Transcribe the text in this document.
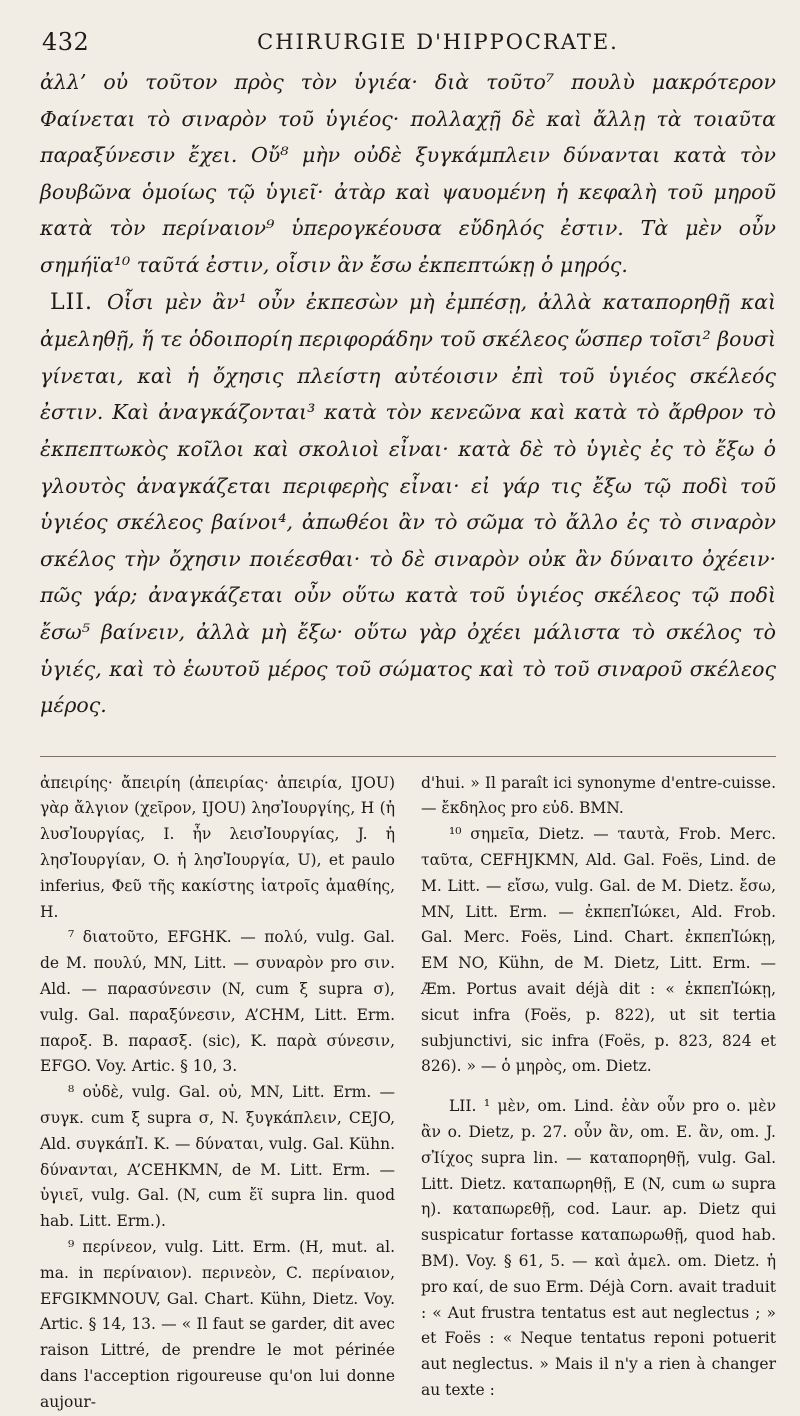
432	CHIRURGIE D'HIPPOCRATE.

ἀλλ’ οὐ τοῦτον πρὸς τὸν ὑγιέα· διὰ τοῦτο⁷ πουλὺ μακρότερον Φαίνεται τὸ σιναρὸν τοῦ ὑγιέος· πολλαχῇ δὲ καὶ ἄλλῃ τὰ τοιαῦτα παραξύνεσιν ἔχει. Οὔ⁸ μὴν οὐδὲ ξυγκάμπλειν δύνανται κατὰ τὸν βουβῶνα ὁμοίως τῷ ὑγιεῖ· ἀτὰρ καὶ ψαυομένη ἡ κεφαλὴ τοῦ μηροῦ κατὰ τὸν περίναιον⁹ ὑπερογκέουσα εὔδηλός ἐστιν. Τὰ μὲν οὖν σημήϊα¹⁰ ταῦτά ἐστιν, οἷσιν ἂν ἔσω ἐκπεπτώκῃ ὁ μηρός.

LII. Οἷσι μὲν ἂν¹ οὖν ἐκπεσὼν μὴ ἐμπέσῃ, ἀλλὰ καταπορηθῇ καὶ ἀμεληθῇ, ἥ τε ὁδοιπορίη περιφοράδην τοῦ σκέλεος ὥσπερ τοῖσι² βουσὶ γίνεται, καὶ ἡ ὄχησις πλείστη αὐτέοισιν ἐπὶ τοῦ ὑγιέος σκέλεός ἐστιν. Καὶ ἀναγκάζονται³ κατὰ τὸν κενεῶνα καὶ κατὰ τὸ ἄρθρον τὸ ἐκπεπτωκὸς κοῖλοι καὶ σκολιοὶ εἶναι· κατὰ δὲ τὸ ὑγιὲς ἐς τὸ ἔξω ὁ γλουτὸς ἀναγκάζεται περιφερὴς εἶναι· εἰ γάρ τις ἔξω τῷ ποδὶ τοῦ ὑγιέος σκέλεος βαίνοι⁴, ἀπωθέοι ἂν τὸ σῶμα τὸ ἄλλο ἐς τὸ σιναρὸν σκέλος τὴν ὄχησιν ποιέεσθαι· τὸ δὲ σιναρὸν οὐκ ἂν δύναιτο ὀχέειν· πῶς γάρ; ἀναγκάζεται οὖν οὕτω κατὰ τοῦ ὑγιέος σκέλεος τῷ ποδὶ ἔσω⁵ βαίνειν, ἀλλὰ μὴ ἔξω· οὕτω γὰρ ὀχέει μάλιστα τὸ σκέλος τὸ ὑγιές, καὶ τὸ ἑωυτοῦ μέρος τοῦ σώματος καὶ τὸ τοῦ σιναροῦ σκέλεος μέρος.

ἀπειρίης· ἄπειρίη (ἀπειρίας· ἀπειρία, IJOU) γὰρ ἄλγιον (χεῖρον, IJOU) λησἸουργίης, H (ἡ λυσἸουργίας, I. ἦν λεισἸουργίας, J. ἡ λησἸουργίαν, O. ἡ λησἸουργία, U), et paulo inferius, Φεῦ τῆς κακίστης ἰατροῖς ἀμαθίης, H.

⁷ διατοῦτο, EFGHK. — πολύ, vulg. Gal. de M. πουλύ, MN, Litt. — συναρὸν pro σιν. Ald. — παρασύνεσιν (N, cum ξ supra σ), vulg. Gal. παραξύνεσιν, A’CHM, Litt. Erm. παροξ. B. παρασξ. (sic), K. παρὰ σύνεσιν, EFGO. Voy. Artic. § 10, 3.

⁸ οὐδὲ, vulg. Gal. οὐ, MN, Litt. Erm. — συγκ. cum ξ supra σ, N. ξυγκάπλειν, CEJO, Ald. συγκάπἸ. K. — δύναται, vulg. Gal. Kühn. δύνανται, A’CEHKMN, de M. Litt. Erm. — ὑγιεῖ, vulg. Gal. (N, cum ἔϊ supra lin. quod hab. Litt. Erm.).

⁹ περίνεον, vulg. Litt. Erm. (H, mut. al. ma. in περίναιον). περινεὸν, C. περίναιον, EFGIKMNOUV, Gal. Chart. Kühn, Dietz. Voy. Artic. § 14, 13. — « Il faut se garder, dit avec raison Littré, de prendre le mot périnée dans l'acception rigoureuse qu'on lui donne aujour-

d'hui. » Il paraît ici synonyme d'entre-cuisse. — ἔκδηλος pro εὐδ. BMN.

¹⁰ σημεῖα, Dietz. — ταυτὰ, Frob. Merc. ταῦτα, CEFHJKMN, Ald. Gal. Foës, Lind. de M. Litt. — εἴσω, vulg. Gal. de M. Dietz. ἔσω, MN, Litt. Erm. — ἐκπεπἸώκει, Ald. Frob. Gal. Merc. Foës, Lind. Chart. ἐκπεπἸώκῃ, EM NO, Kühn, de M. Dietz, Litt. Erm. — Æm. Portus avait déjà dit : « ἐκπεπἸώκῃ, sicut infra (Foës, p. 822), ut sit tertia subjunctivi, sic infra (Foës, p. 823, 824 et 826). » — ὁ μηρὸς, om. Dietz.

LII. ¹ μὲν, om. Lind. ἐὰν οὖν pro ο. μὲν ἂν ο. Dietz, p. 27. οὖν ἂν, om. E. ἂν, om. J. σἸίχος supra lin. — καταπορηθῇ, vulg. Gal. Litt. Dietz. καταπωρηθῇ, E (N, cum ω supra η). καταπωρεθῇ, cod. Laur. ap. Dietz qui suspicatur fortasse καταπωρωθῇ, quod hab. BM). Voy. § 61, 5. — καὶ ἀμελ. om. Dietz. ἡ pro καί, de suo Erm. Déjà Corn. avait traduit : « Aut frustra tentatus est aut neglectus ; » et Foës : « Neque tentatus reponi potuerit aut neglectus. » Mais il n'y a rien à changer au texte :
